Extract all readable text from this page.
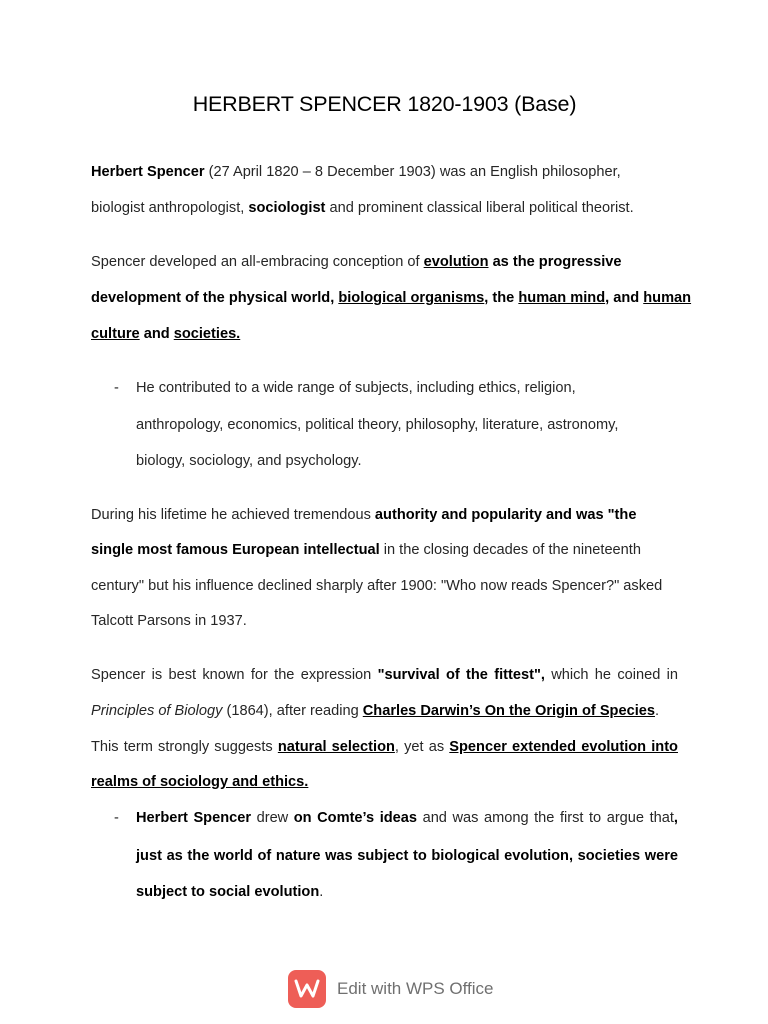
HERBERT SPENCER 1820-1903 (Base)
Herbert Spencer (27 April 1820 – 8 December 1903) was an English philosopher,
biologist anthropologist, sociologist and prominent classical liberal political theorist.
Spencer developed an all-embracing conception of evolution as the progressive
development of the physical world, biological organisms, the human mind, and human
culture and societies.
- He contributed to a wide range of subjects, including ethics, religion,
anthropology, economics, political theory, philosophy, literature, astronomy,
biology, sociology, and psychology.
During his lifetime he achieved tremendous authority and popularity and was "the
single most famous European intellectual in the closing decades of the nineteenth
century" but his influence declined sharply after 1900: "Who now reads Spencer?" asked
Talcott Parsons in 1937.
Spencer is best known for the expression "survival of the fittest", which he coined in
Principles of Biology (1864), after reading Charles Darwin’s On the Origin of Species.
This term strongly suggests natural selection, yet as Spencer extended evolution into
realms of sociology and ethics.
- Herbert Spencer drew on Comte’s ideas and was among the first to argue that,
just as the world of nature was subject to biological evolution, societies were
subject to social evolution.
Edit with WPS Office
